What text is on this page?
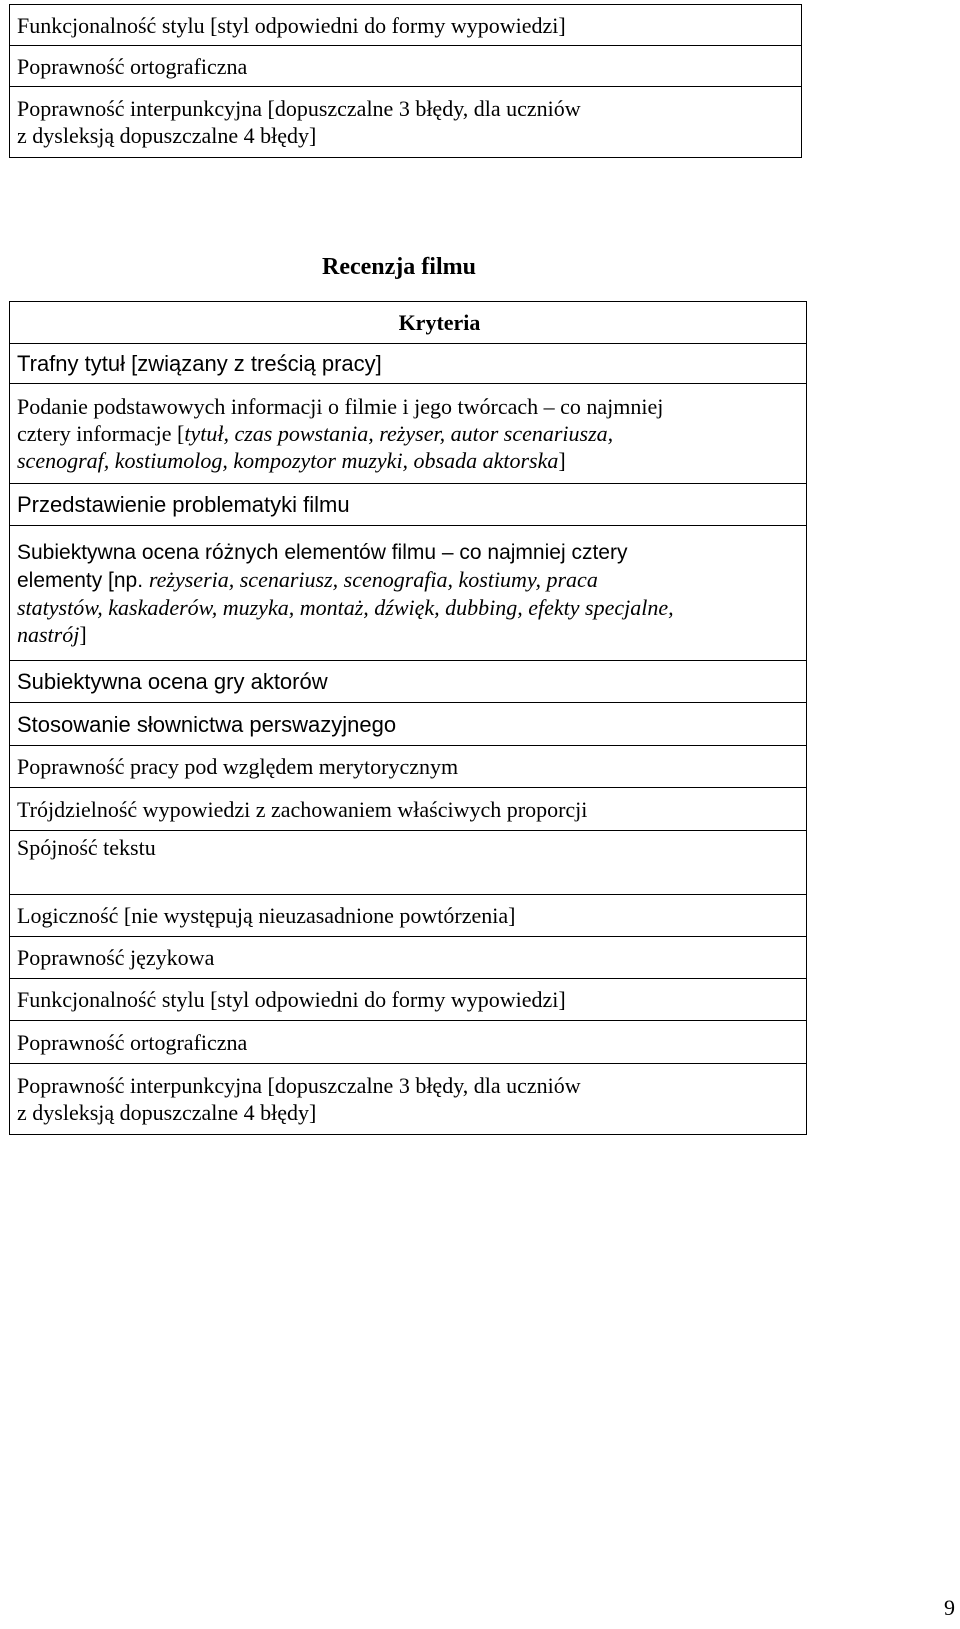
Funkcjonalność stylu [styl odpowiedni do formy wypowiedzi]
Poprawność ortograficzna
Poprawność interpunkcyjna [dopuszczalne 3 błędy, dla uczniów
z dysleksją dopuszczalne 4 błędy]
Recenzja filmu
Kryteria
Trafny tytuł [związany z treścią pracy]
Podanie podstawowych informacji o filmie i jego twórcach – co najmniej
cztery informacje [tytuł, czas powstania, reżyser, autor scenariusza,
scenograf, kostiumolog, kompozytor muzyki, obsada aktorska]
Przedstawienie problematyki filmu
Subiektywna ocena różnych elementów filmu – co najmniej cztery
elementy [np. reżyseria, scenariusz, scenografia, kostiumy, praca
statystów, kaskaderów, muzyka, montaż, dźwięk, dubbing, efekty specjalne,
nastrój]
Subiektywna ocena gry aktorów
Stosowanie słownictwa perswazyjnego
Poprawność pracy pod względem merytorycznym
Trójdzielność wypowiedzi z zachowaniem właściwych proporcji
Spójność tekstu
Logiczność [nie występują nieuzasadnione powtórzenia]
Poprawność językowa
Funkcjonalność stylu [styl odpowiedni do formy wypowiedzi]
Poprawność ortograficzna
Poprawność interpunkcyjna [dopuszczalne 3 błędy, dla uczniów
z dysleksją dopuszczalne 4 błędy]
9
